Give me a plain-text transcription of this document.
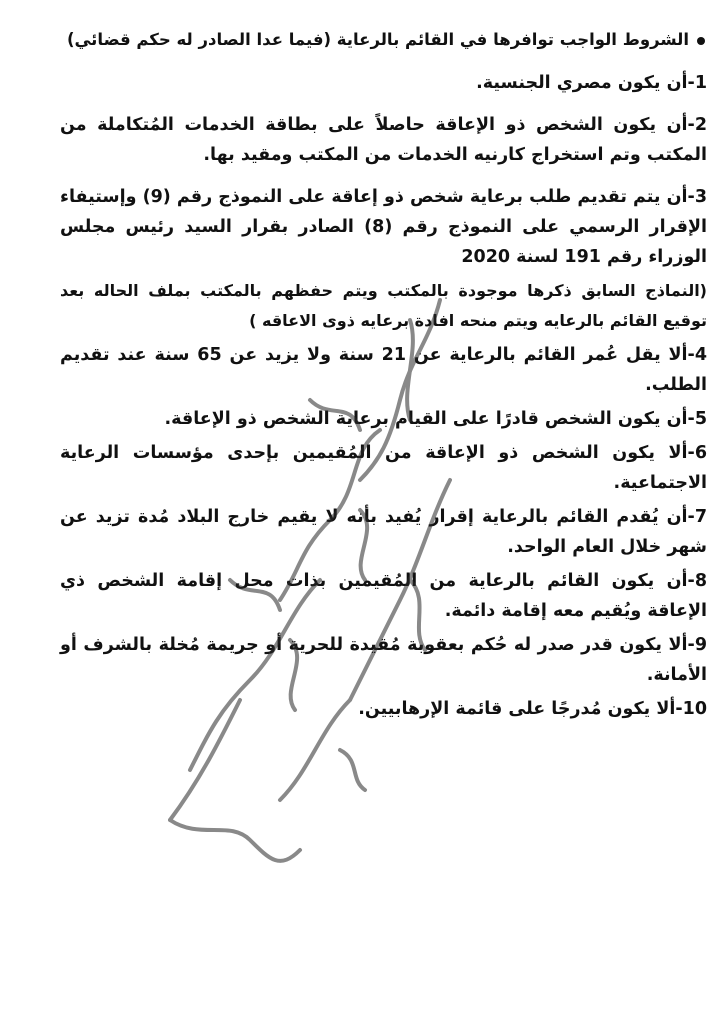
الشروط الواجب توافرها في القائم بالرعاية (فيما عدا الصادر له حكم قضائي)
1-أن يكون مصري الجنسية.
2-أن يكون الشخص ذو الإعاقة حاصلاً على بطاقة الخدمات المُتكاملة من المكتب وتم استخراج كارنيه الخدمات من المكتب ومقيد بها.
3-أن يتم تقديم طلب برعاية شخص ذو إعاقة على النموذج رقم (9) وإستيفاء الإقرار الرسمي على النموذج رقم (8) الصادر بقرار السيد رئيس مجلس الوزراء رقم 191 لسنة 2020
(النماذج السابق ذكرها موجودة بالمكتب ويتم حفظهم بالمكتب بملف الحاله بعد توقيع القائم بالرعايه ويتم منحه افادة برعايه ذوى الاعاقه )
4-ألا يقل عُمر القائم بالرعاية عن 21 سنة ولا يزيد عن 65 سنة عند تقديم الطلب.
5-أن يكون الشخص قادرًا على القيام برعاية الشخص ذو الإعاقة.
6-ألا يكون الشخص ذو الإعاقة من المُقيمين بإحدى مؤسسات الرعاية الاجتماعية.
7-أن يُقدم القائم بالرعاية إقرار يُفيد بأنه لا يقيم خارج البلاد مُدة تزيد عن شهر خلال العام الواحد.
8-أن يكون القائم بالرعاية من المُقيمين بذات محل إقامة الشخص ذي الإعاقة ويُقيم معه إقامة دائمة.
9-ألا يكون قدر صدر له حُكم بعقوبة مُقيدة للحرية أو جريمة مُخلة بالشرف أو الأمانة.
10-ألا يكون مُدرجًا على قائمة الإرهابيين.
